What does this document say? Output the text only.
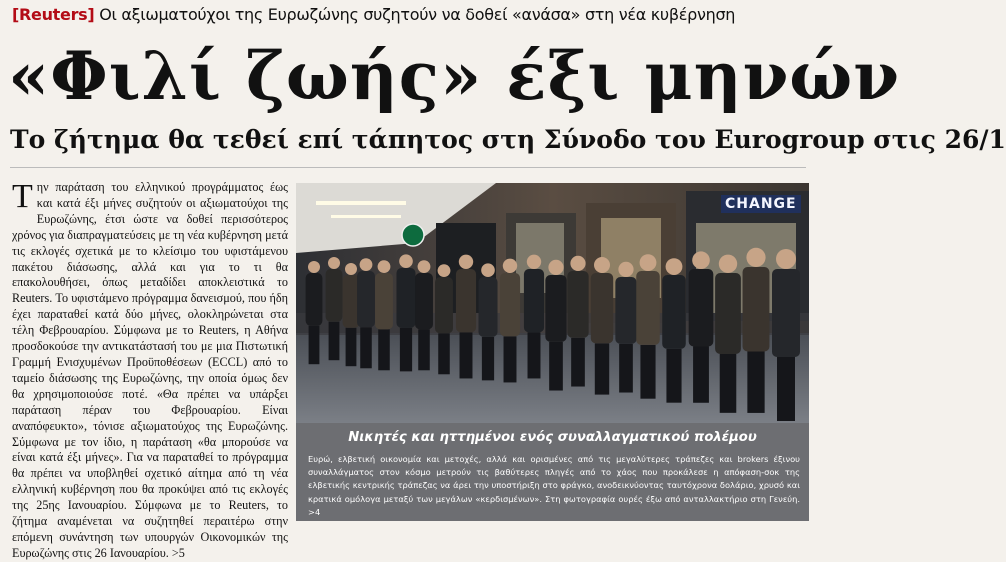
[Reuters] Οι αξιωματούχοι της Ευρωζώνης συζητούν να δοθεί «ανάσα» στη νέα κυβέρνηση
«Φιλί ζωής» έξι μηνών
Το ζήτημα θα τεθεί επί τάπητος στη Σύνοδο του Eurogroup στις 26/1
Την παράταση του ελληνικού προγράμματος έως και κατά έξι μήνες συζητούν οι αξιωματούχοι της Ευρωζώνης, έτσι ώστε να δοθεί περισσότερος χρόνος για διαπραγματεύσεις με τη νέα κυβέρνηση μετά τις εκλογές σχετικά με το κλείσιμο του υφιστάμενου πακέτου διάσωσης, αλλά και για το τι θα επακολουθήσει, όπως μεταδίδει αποκλειστικά το Reuters. Το υφιστάμενο πρόγραμμα δανεισμού, που ήδη έχει παραταθεί κατά δύο μήνες, ολοκληρώνεται στα τέλη Φεβρουαρίου. Σύμφωνα με το Reuters, η Αθήνα προσδοκούσε την αντικατάστασή του με μια Πιστωτική Γραμμή Ενισχυμένων Προϋποθέσεων (ECCL) από το ταμείο διάσωσης της Ευρωζώνης, την οποία όμως δεν θα χρησιμοποιούσε ποτέ. «Θα πρέπει να υπάρξει παράταση πέραν του Φεβρουαρίου. Είναι αναπόφευκτο», τόνισε αξιωματούχος της Ευρωζώνης. Σύμφωνα με τον ίδιο, η παράταση «θα μπορούσε να είναι κατά έξι μήνες». Για να παραταθεί το πρόγραμμα θα πρέπει να υποβληθεί σχετικό αίτημα από τη νέα ελληνική κυβέρνηση που θα προκύψει από τις εκλογές της 25ης Ιανουαρίου. Σύμφωνα με το Reuters, το ζήτημα αναμένεται να συζητηθεί περαιτέρω στην επόμενη συνάντηση των υπουργών Οικονομικών της Ευρωζώνης στις 26 Ιανουαρίου. >5
CHANGE
Νικητές και ηττημένοι ενός συναλλαγματικού πολέμου
Ευρώ, ελβετική οικονομία και μετοχές, αλλά και ορισμένες από τις μεγαλύτερες τράπεζες και brokers έξινου συναλλάγματος στον κόσμο μετρούν τις βαθύτερες πληγές από το χάος που προκάλεσε η απόφαση-σοκ της ελβετικής κεντρικής τράπεζας να άρει την υποστήριξη στο φράγκο, ανοδεικνύοντας ταυτόχρονα δολάριο, χρυσό και κρατικά ομόλογα μεταξύ των μεγάλων «κερδισμένων». Στη φωτογραφία ουρές έξω από ανταλλακτήριο στη Γενεύη. >4
